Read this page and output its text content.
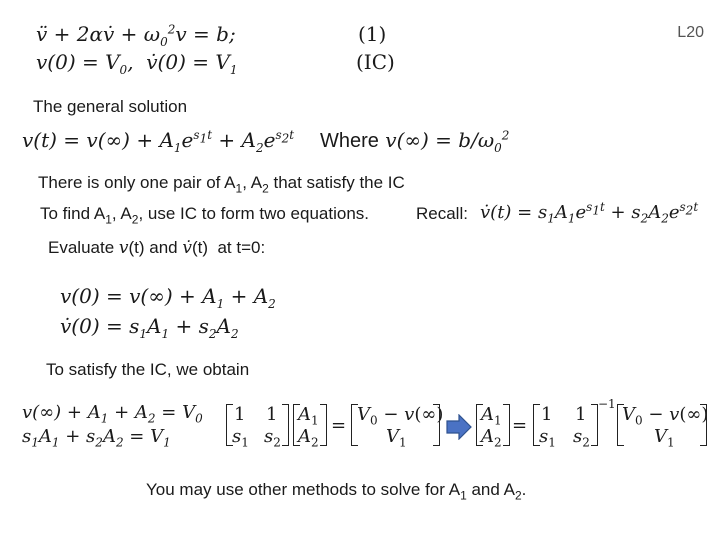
L20
v̈ + 2αv̇ + $\omega_0^2v = b$;
$v(0) = V_0$,  v̇(0) = $V_1$
(1)
(IC)
The general solution
$v(t) = v(\infty) + A_1e^{s_1t} + A_2e^{s_2t}$ Where $v(\infty) = b/\omega_0^2$
There is only one pair of $A_1$, $A_2$ that satisfy the IC
To find $A_1$, $A_2$, use IC to form two equations.	Recall: v̇(t) = $s_1A_1e^{s_1t} + s_2A_2e^{s_2t}$
Evaluate v(t) and v̇(t)  at t=0:
$v(0) = v(\infty) + A_1 + A_2$
v̇(0) = $s_1A_1 + s_2A_2$
To satisfy the IC, we obtain
$v(\infty) + A_1 + A_2 = V_0$
$s_1A_1 + s_2A_2 = V_1$
1 1
$s_1$ $s_2$
$A_1$
$A_2$
=
$V_0 - v(\infty)$
$V_1$
$A_1$
$A_2$
=
1 1
$s_1$ $s_2$
−1 $V_0 - v(\infty)$
$V_1$
You may use other methods to solve for $A_1$ and $A_2$.
